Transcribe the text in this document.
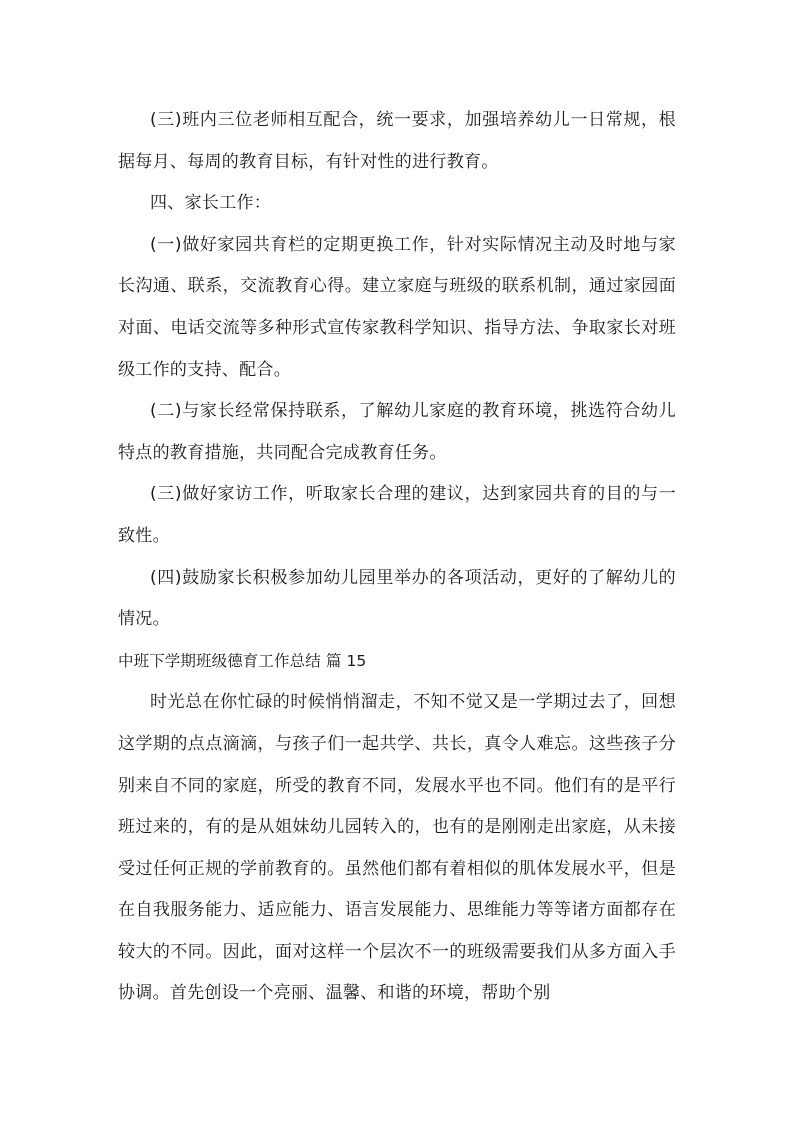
(三)班内三位老师相互配合，统一要求，加强培养幼儿一日常规，根据每月、每周的教育目标，有针对性的进行教育。

四、家长工作：

(一)做好家园共育栏的定期更换工作，针对实际情况主动及时地与家长沟通、联系，交流教育心得。建立家庭与班级的联系机制，通过家园面对面、电话交流等多种形式宣传家教科学知识、指导方法、争取家长对班级工作的支持、配合。

(二)与家长经常保持联系，了解幼儿家庭的教育环境，挑选符合幼儿特点的教育措施，共同配合完成教育任务。

(三)做好家访工作，听取家长合理的建议，达到家园共育的目的与一致性。

(四)鼓励家长积极参加幼儿园里举办的各项活动，更好的了解幼儿的情况。

中班下学期班级德育工作总结 篇 15

时光总在你忙碌的时候悄悄溜走，不知不觉又是一学期过去了，回想这学期的点点滴滴，与孩子们一起共学、共长，真令人难忘。这些孩子分别来自不同的家庭，所受的教育不同，发展水平也不同。他们有的是平行班过来的，有的是从姐妹幼儿园转入的，也有的是刚刚走出家庭，从未接受过任何正规的学前教育的。虽然他们都有着相似的肌体发展水平，但是在自我服务能力、适应能力、语言发展能力、思维能力等等诸方面都存在较大的不同。因此，面对这样一个层次不一的班级需要我们从多方面入手协调。首先创设一个亮丽、温馨、和谐的环境，帮助个别
